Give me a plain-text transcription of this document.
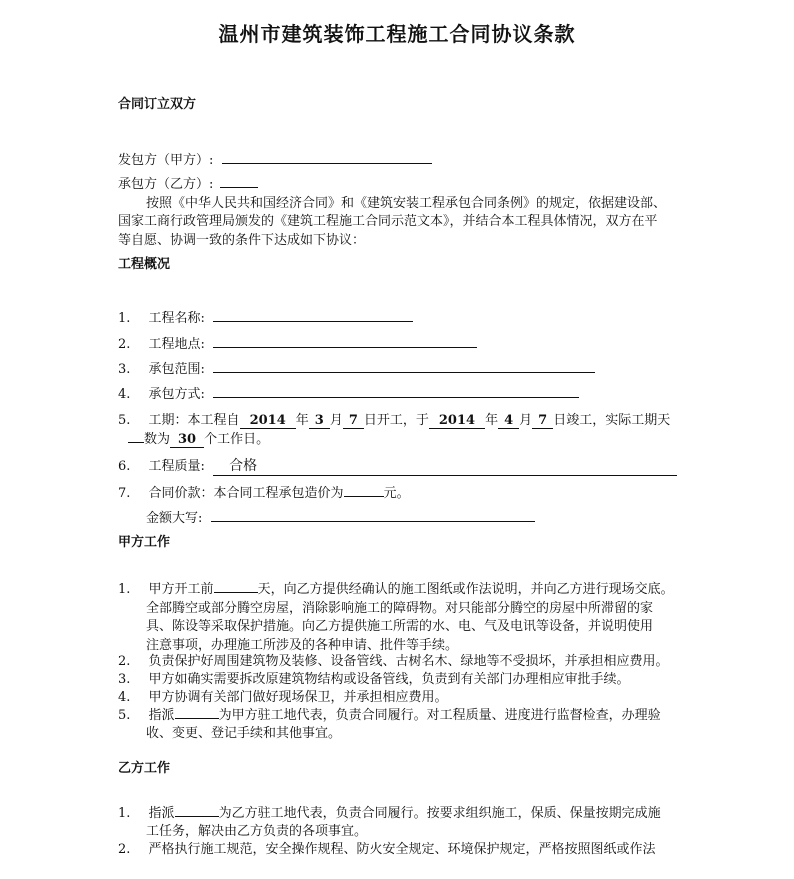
温州市建筑装饰工程施工合同协议条款
合同订立双方
发包方（甲方）:
承包方（乙方）:
按照《中华人民共和国经济合同》和《建筑安装工程承包合同条例》的规定，依据建设部、
国家工商行政管理局颁发的《建筑工程施工合同示范文本》，并结合本工程具体情况，双方在平
等自愿、协调一致的条件下达成如下协议：
工程概况
1. 工程名称:
2. 工程地点:
3. 承包范围:
4. 承包方式:
5. 工期：本工程自 2014 年 3 月 7 日开工，于 2014 年 4 月 7 日竣工，实际工期天
数为 30 个工作日。
6. 工程质量: 合格
7. 合同价款：本合同工程承包造价为	元。
金额大写:
甲方工作
1. 甲方开工前	天，向乙方提供经确认的施工图纸或作法说明，并向乙方进行现场交底。
全部腾空或部分腾空房屋，消除影响施工的障碍物。对只能部分腾空的房屋中所滞留的家
具、陈设等采取保护措施。向乙方提供施工所需的水、电、气及电讯等设备，并说明使用
注意事项，办理施工所涉及的各种申请、批件等手续。
2. 负责保护好周围建筑物及装修、设备管线、古树名木、绿地等不受损坏，并承担相应费用。
3. 甲方如确实需要拆改原建筑物结构或设备管线，负责到有关部门办理相应审批手续。
4. 甲方协调有关部门做好现场保卫，并承担相应费用。
5. 指派	为甲方驻工地代表，负责合同履行。对工程质量、进度进行监督检查，办理验
收、变更、登记手续和其他事宜。
乙方工作
1. 指派	为乙方驻工地代表，负责合同履行。按要求组织施工，保质、保量按期完成施
工任务，解决由乙方负责的各项事宜。
2. 严格执行施工规范，安全操作规程、防火安全规定、环境保护规定，严格按照图纸或作法
